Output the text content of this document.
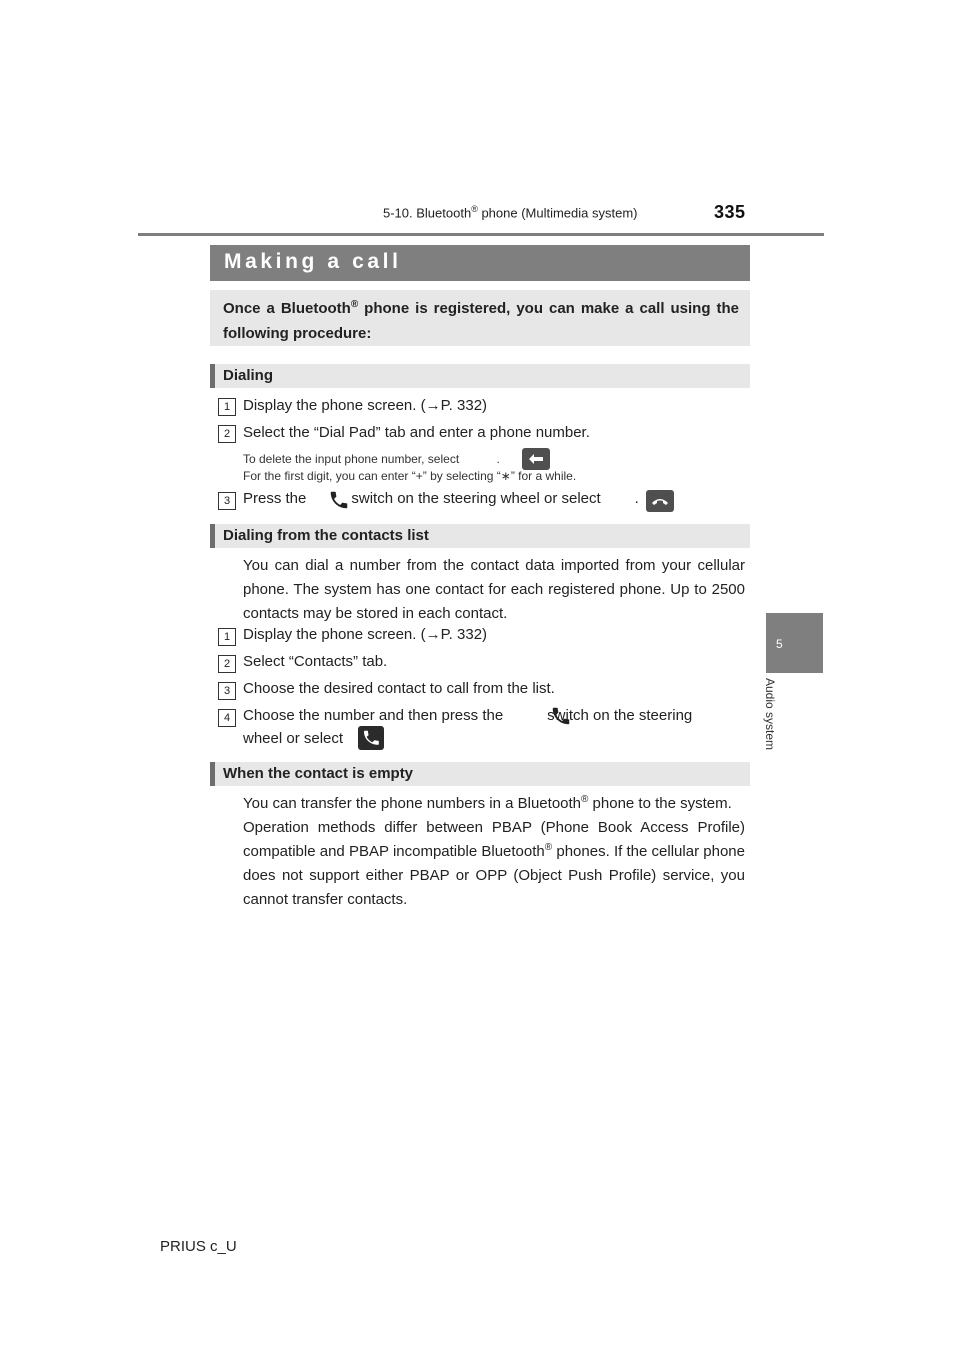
5-10. Bluetooth® phone (Multimedia system)	335
5
Audio system
Making a call
Once a Bluetooth® phone is registered, you can make a call using the following procedure:
Dialing
1 Display the phone screen. (→P. 332)
2 Select the “Dial Pad” tab and enter a phone number.
To delete the input phone number, select	.
For the first digit, you can enter “+” by selecting “∗” for a while.
3 Press the	switch on the steering wheel or select .
Dialing from the contacts list
You can dial a number from the contact data imported from your cellular phone. The system has one contact for each registered phone. Up to 2500 contacts may be stored in each contact.
1 Display the phone screen. (→P. 332)
2 Select “Contacts” tab.
3 Choose the desired contact to call from the list.
4 Choose the number and then press the	switch on the steering
wheel or select
When the contact is empty
You can transfer the phone numbers in a Bluetooth® phone to the system.
Operation methods differ between PBAP (Phone Book Access Profile) compatible and PBAP incompatible Bluetooth® phones. If the cellular phone does not support either PBAP or OPP (Object Push Profile) service, you cannot transfer contacts.
PRIUS c_U
